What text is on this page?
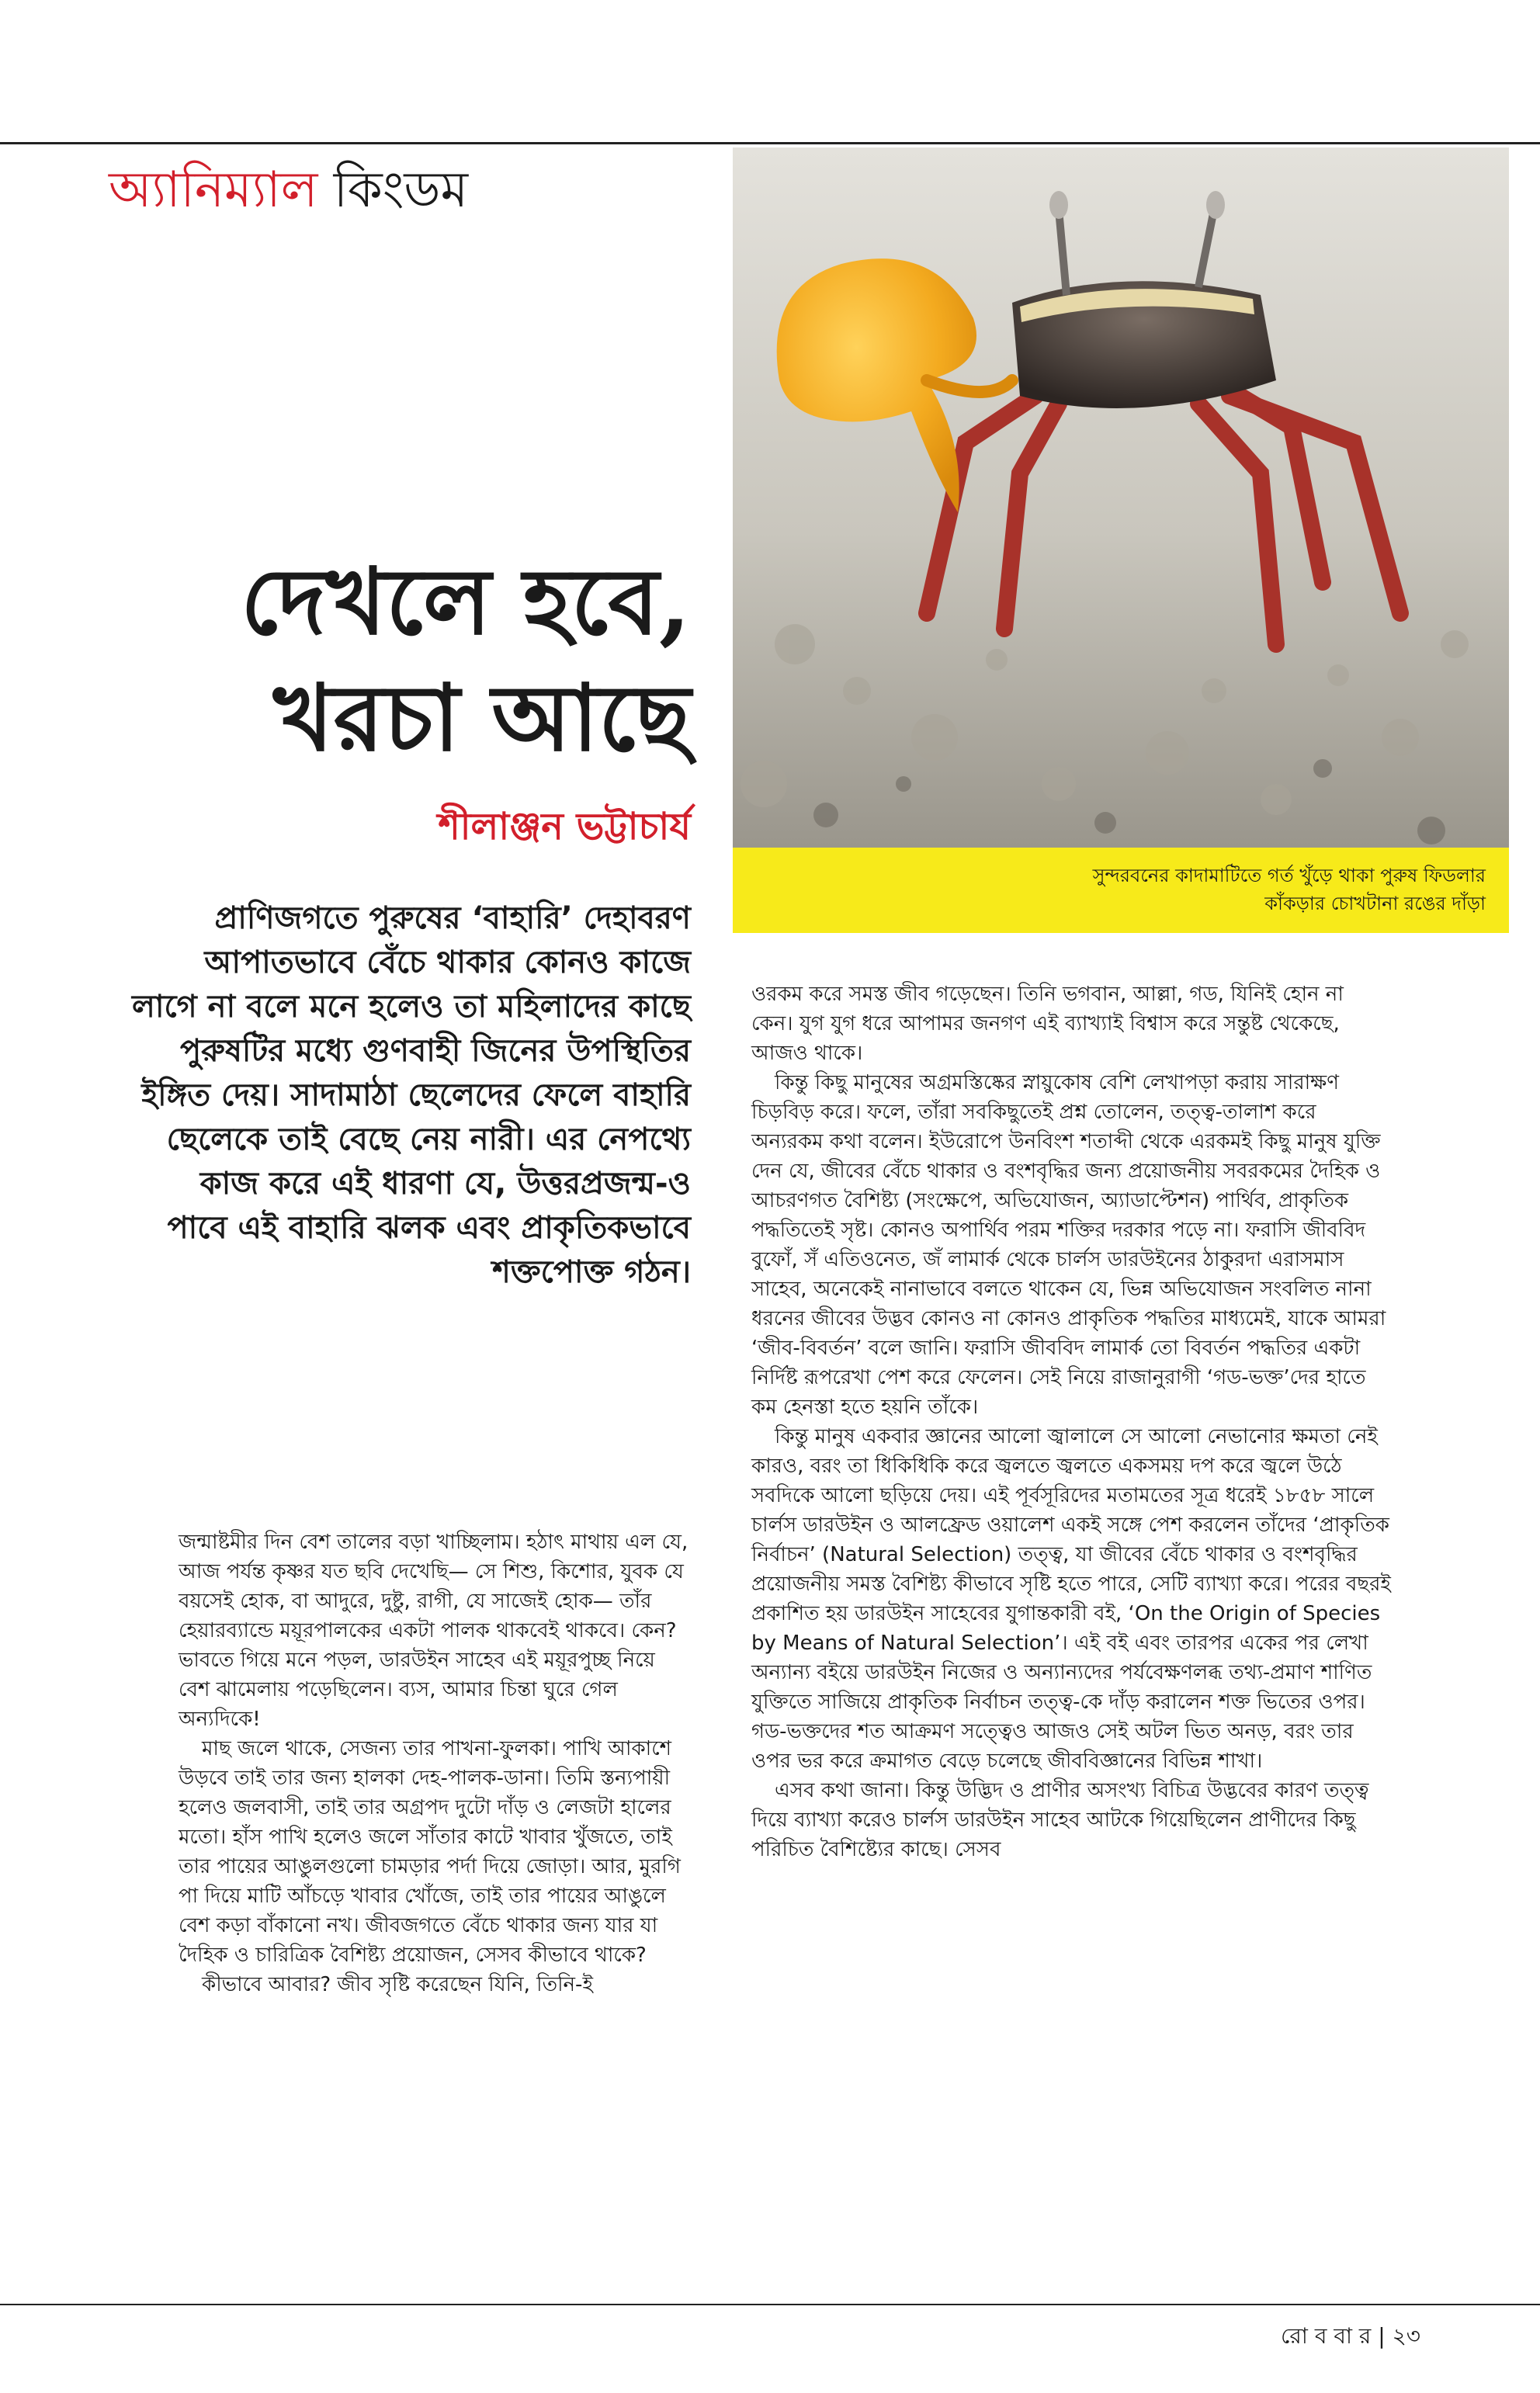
অ্যানিম্যাল কিংডম
সুন্দরবনের কাদামাটিতে গর্ত খুঁড়ে থাকা পুরুষ ফিডলার
কাঁকড়ার চোখটানা রঙের দাঁড়া
দেখলে হবে,
খরচা আছে
শীলাঞ্জন ভট্টাচার্য
প্রাণিজগতে পুরুষের ‘বাহারি’ দেহাবরণ আপাতভাবে বেঁচে থাকার কোনও কাজে লাগে না বলে মনে হলেও তা মহিলাদের কাছে পুরুষটির মধ্যে গুণবাহী জিনের উপস্থিতির ইঙ্গিত দেয়। সাদামাঠা ছেলেদের ফেলে বাহারি ছেলেকে তাই বেছে নেয় নারী। এর নেপথ্যে কাজ করে এই ধারণা যে, উত্তরপ্রজন্ম-ও পাবে এই বাহারি ঝলক এবং প্রাকৃতিকভাবে শক্তপোক্ত গঠন।

জন্মাষ্টমীর দিন বেশ তালের বড়া খাচ্ছিলাম। হঠাৎ মাথায় এল যে, আজ পর্যন্ত কৃষ্ণর যত ছবি দেখেছি— সে শিশু, কিশোর, যুবক যে বয়সেই হোক, বা আদুরে, দুষ্টু, রাগী, যে সাজেই হোক— তাঁর হেয়ারব্যান্ডে ময়ূরপালকের একটা পালক থাকবেই থাকবে। কেন? ভাবতে গিয়ে মনে পড়ল, ডারউইন সাহেব এই ময়ূরপুচ্ছ নিয়ে বেশ ঝামেলায় পড়েছিলেন। ব্যস, আমার চিন্তা ঘুরে গেল অন্যদিকে!

মাছ জলে থাকে, সেজন্য তার পাখনা-ফুলকা। পাখি আকাশে উড়বে তাই তার জন্য হালকা দেহ-পালক-ডানা। তিমি স্তন্যপায়ী হলেও জলবাসী, তাই তার অগ্রপদ দুটো দাঁড় ও লেজটা হালের মতো। হাঁস পাখি হলেও জলে সাঁতার কাটে খাবার খুঁজতে, তাই তার পায়ের আঙুলগুলো চামড়ার পর্দা দিয়ে জোড়া। আর, মুরগি পা দিয়ে মাটি আঁচড়ে খাবার খোঁজে, তাই তার পায়ের আঙুলে বেশ কড়া বাঁকানো নখ। জীবজগতে বেঁচে থাকার জন্য যার যা দৈহিক ও চারিত্রিক বৈশিষ্ট্য প্রয়োজন, সেসব কীভাবে থাকে?

কীভাবে আবার? জীব সৃষ্টি করেছেন যিনি, তিনি-ই

ওরকম করে সমস্ত জীব গড়েছেন। তিনি ভগবান, আল্লা, গড, যিনিই হোন না কেন। যুগ যুগ ধরে আপামর জনগণ এই ব্যাখ্যাই বিশ্বাস করে সন্তুষ্ট থেকেছে, আজও থাকে।

কিন্তু কিছু মানুষের অগ্রমস্তিষ্কের স্নায়ুকোষ বেশি লেখাপড়া করায় সারাক্ষণ চিড়বিড় করে। ফলে, তাঁরা সবকিছুতেই প্রশ্ন তোলেন, তত্ত্ব-তালাশ করে অন্যরকম কথা বলেন। ইউরোপে উনবিংশ শতাব্দী থেকে এরকমই কিছু মানুষ যুক্তি দেন যে, জীবের বেঁচে থাকার ও বংশবৃদ্ধির জন্য প্রয়োজনীয় সবরকমের দৈহিক ও আচরণগত বৈশিষ্ট্য (সংক্ষেপে, অভিযোজন, অ্যাডাপ্টেশন) পার্থিব, প্রাকৃতিক পদ্ধতিতেই সৃষ্ট। কোনও অপার্থিব পরম শক্তির দরকার পড়ে না। ফরাসি জীববিদ বুফোঁ, সঁ এতিওনেত, জঁ লামার্ক থেকে চার্লস ডারউইনের ঠাকুরদা এরাসমাস সাহেব, অনেকেই নানাভাবে বলতে থাকেন যে, ভিন্ন অভিযোজন সংবলিত নানা ধরনের জীবের উদ্ভব কোনও না কোনও প্রাকৃতিক পদ্ধতির মাধ্যমেই, যাকে আমরা ‘জীব-বিবর্তন’ বলে জানি। ফরাসি জীববিদ লামার্ক তো বিবর্তন পদ্ধতির একটা নির্দিষ্ট রূপরেখা পেশ করে ফেলেন। সেই নিয়ে রাজানুরাগী ‘গড-ভক্ত’দের হাতে কম হেনস্তা হতে হয়নি তাঁকে।

কিন্তু মানুষ একবার জ্ঞানের আলো জ্বালালে সে আলো নেভানোর ক্ষমতা নেই কারও, বরং তা ধিকিধিকি করে জ্বলতে জ্বলতে একসময় দপ করে জ্বলে উঠে সবদিকে আলো ছড়িয়ে দেয়। এই পূর্বসূরিদের মতামতের সূত্র ধরেই ১৮৫৮ সালে চার্লস ডারউইন ও আলফ্রেড ওয়ালেশ একই সঙ্গে পেশ করলেন তাঁদের ‘প্রাকৃতিক নির্বাচন’ (Natural Selection) তত্ত্ব, যা জীবের বেঁচে থাকার ও বংশবৃদ্ধির প্রয়োজনীয় সমস্ত বৈশিষ্ট্য কীভাবে সৃষ্টি হতে পারে, সেটি ব্যাখ্যা করে। পরের বছরই প্রকাশিত হয় ডারউইন সাহেবের যুগান্তকারী বই, ‘On the Origin of Species by Means of Natural Selection’। এই বই এবং তারপর একের পর লেখা অন্যান্য বইয়ে ডারউইন নিজের ও অন্যান্যদের পর্যবেক্ষণলব্ধ তথ্য-প্রমাণ শাণিত যুক্তিতে সাজিয়ে প্রাকৃতিক নির্বাচন তত্ত্ব-কে দাঁড় করালেন শক্ত ভিতের ওপর। গড-ভক্তদের শত আক্রমণ সত্ত্বেও আজও সেই অটল ভিত অনড়, বরং তার ওপর ভর করে ক্রমাগত বেড়ে চলেছে জীববিজ্ঞানের বিভিন্ন শাখা।

এসব কথা জানা। কিন্তু উদ্ভিদ ও প্রাণীর অসংখ্য বিচিত্র উদ্ভবের কারণ তত্ত্ব দিয়ে ব্যাখ্যা করেও চার্লস ডারউইন সাহেব আটকে গিয়েছিলেন প্রাণীদের কিছু পরিচিত বৈশিষ্ট্যের কাছে। সেসব

রো ব বা র | ২৩
